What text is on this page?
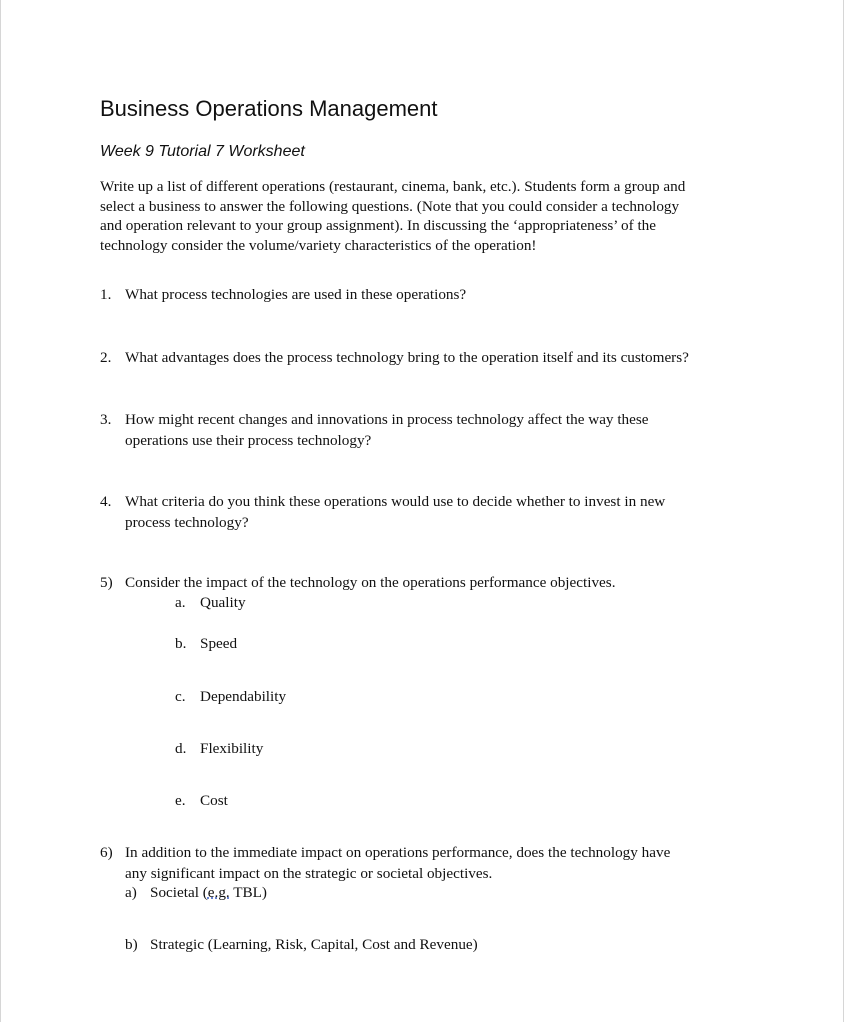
Business Operations Management
Week 9 Tutorial 7 Worksheet
Write up a list of different operations (restaurant, cinema, bank, etc.). Students form a group and
select a business to answer the following questions. (Note that you could consider a technology
and operation relevant to your group assignment). In discussing the ‘appropriateness’ of the
technology consider the volume/variety characteristics of the operation!
1. What process technologies are used in these operations?
2. What advantages does the process technology bring to the operation itself and its customers?
3. How might recent changes and innovations in process technology affect the way these
operations use their process technology?
4. What criteria do you think these operations would use to decide whether to invest in new
process technology?
5) Consider the impact of the technology on the operations performance objectives.
a. Quality
b. Speed
c. Dependability
d. Flexibility
e. Cost
6) In addition to the immediate impact on operations performance, does the technology have
any significant impact on the strategic or societal objectives.
a) Societal (e.g. TBL)
b) Strategic (Learning, Risk, Capital, Cost and Revenue)
